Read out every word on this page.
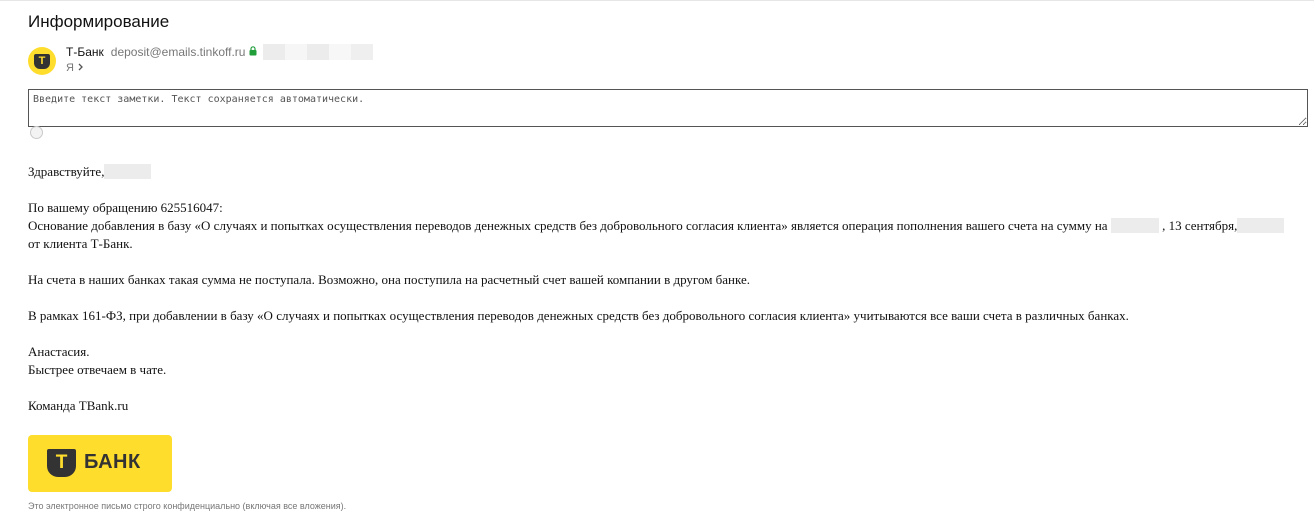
Информирование
Т
Т-Банк deposit@emails.tinkoff.ru
Я
Введите текст заметки. Текст сохраняется автоматически.

Здравствуйте,

По вашему обращению 625516047:
Основание добавления в базу «О случаях и попытках осуществления переводов денежных средств без добровольного согласия клиента» является операция пополнения вашего счета на сумму на	, 13 сентября, от клиента Т-Банк.

На счета в наших банках такая сумма не поступала. Возможно, она поступила на расчетный счет вашей компании в другом банке.

В рамках 161-ФЗ, при добавлении в базу «О случаях и попытках осуществления переводов денежных средств без добровольного согласия клиента» учитываются все ваши счета в различных банках.

Анастасия.
Быстрее отвечаем в чате.

Команда TBank.ru

Т БАНК
Это электронное письмо строго конфиденциально (включая все вложения).
